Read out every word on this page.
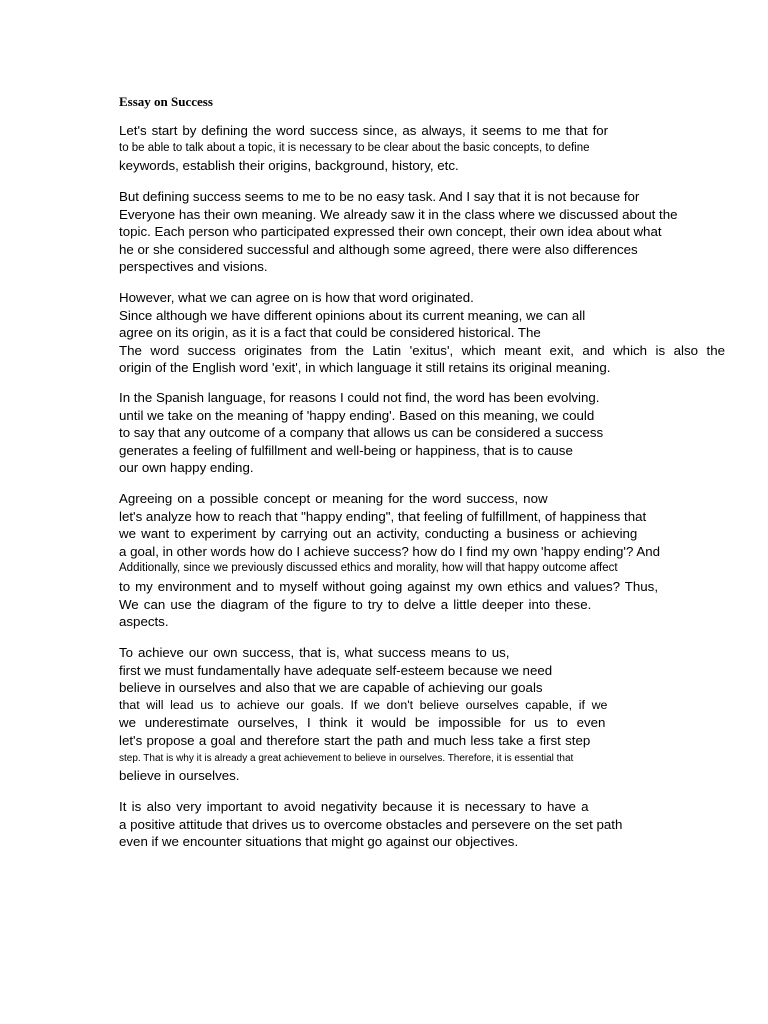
Essay on Success
Let's start by defining the word success since, as always, it seems to me that for
to be able to talk about a topic, it is necessary to be clear about the basic concepts, to define
keywords, establish their origins, background, history, etc.
But defining success seems to me to be no easy task. And I say that it is not because for
Everyone has their own meaning. We already saw it in the class where we discussed about the
topic. Each person who participated expressed their own concept, their own idea about what
he or she considered successful and although some agreed, there were also differences
perspectives and visions.
However, what we can agree on is how that word originated.
Since although we have different opinions about its current meaning, we can all
agree on its origin, as it is a fact that could be considered historical. The
The word success originates from the Latin 'exitus', which meant exit, and which is also the
origin of the English word 'exit', in which language it still retains its original meaning.
In the Spanish language, for reasons I could not find, the word has been evolving.
until we take on the meaning of 'happy ending'. Based on this meaning, we could
to say that any outcome of a company that allows us can be considered a success
generates a feeling of fulfillment and well-being or happiness, that is to cause
our own happy ending.
Agreeing on a possible concept or meaning for the word success, now
let's analyze how to reach that "happy ending", that feeling of fulfillment, of happiness that
we want to experiment by carrying out an activity, conducting a business or achieving
a goal, in other words how do I achieve success? how do I find my own 'happy ending'? And
Additionally, since we previously discussed ethics and morality, how will that happy outcome affect
to my environment and to myself without going against my own ethics and values? Thus,
We can use the diagram of the figure to try to delve a little deeper into these.
aspects.
To achieve our own success, that is, what success means to us,
first we must fundamentally have adequate self-esteem because we need
believe in ourselves and also that we are capable of achieving our goals
that will lead us to achieve our goals. If we don't believe ourselves capable, if we
we underestimate ourselves, I think it would be impossible for us to even
let's propose a goal and therefore start the path and much less take a first step
step. That is why it is already a great achievement to believe in ourselves. Therefore, it is essential that
believe in ourselves.
It is also very important to avoid negativity because it is necessary to have a
a positive attitude that drives us to overcome obstacles and persevere on the set path
even if we encounter situations that might go against our objectives.
